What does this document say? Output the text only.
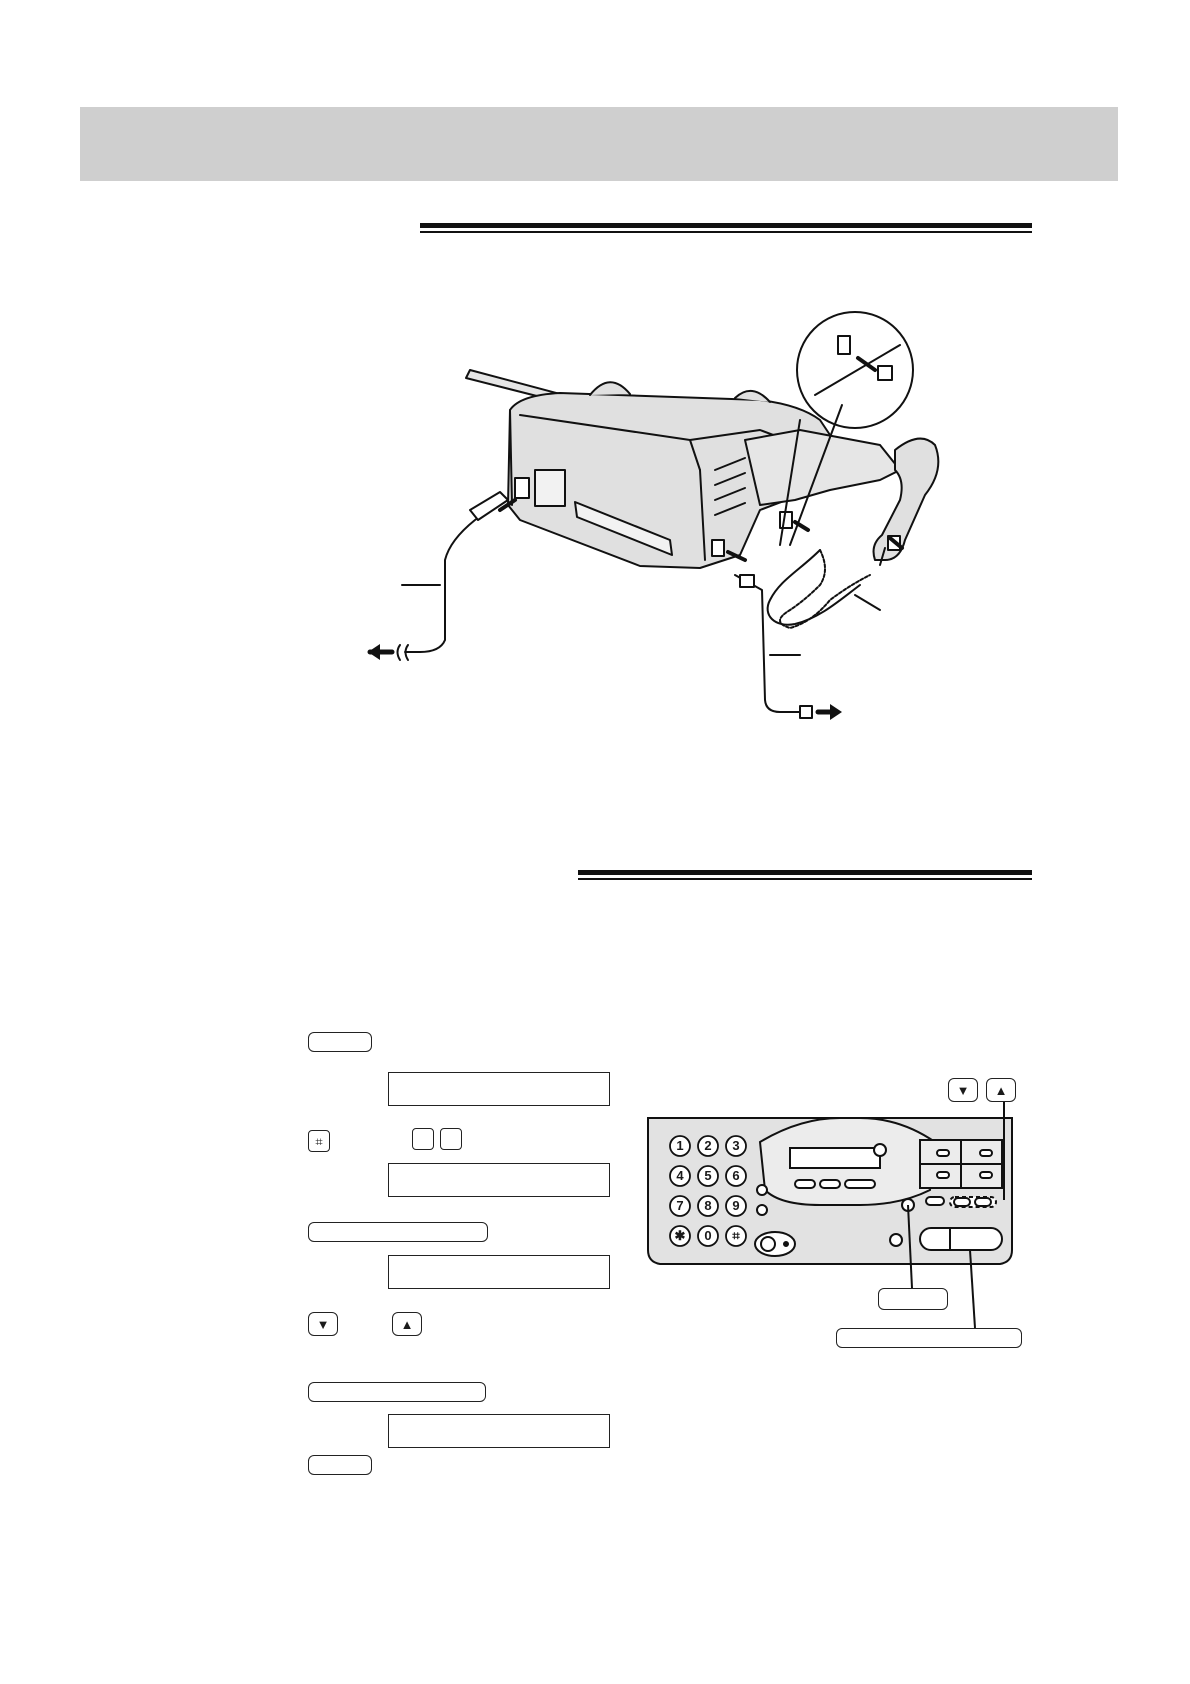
⌗
▼	▲
▼	▲
1	2	3
4	5	6
7	8	9
✱	0	⌗
